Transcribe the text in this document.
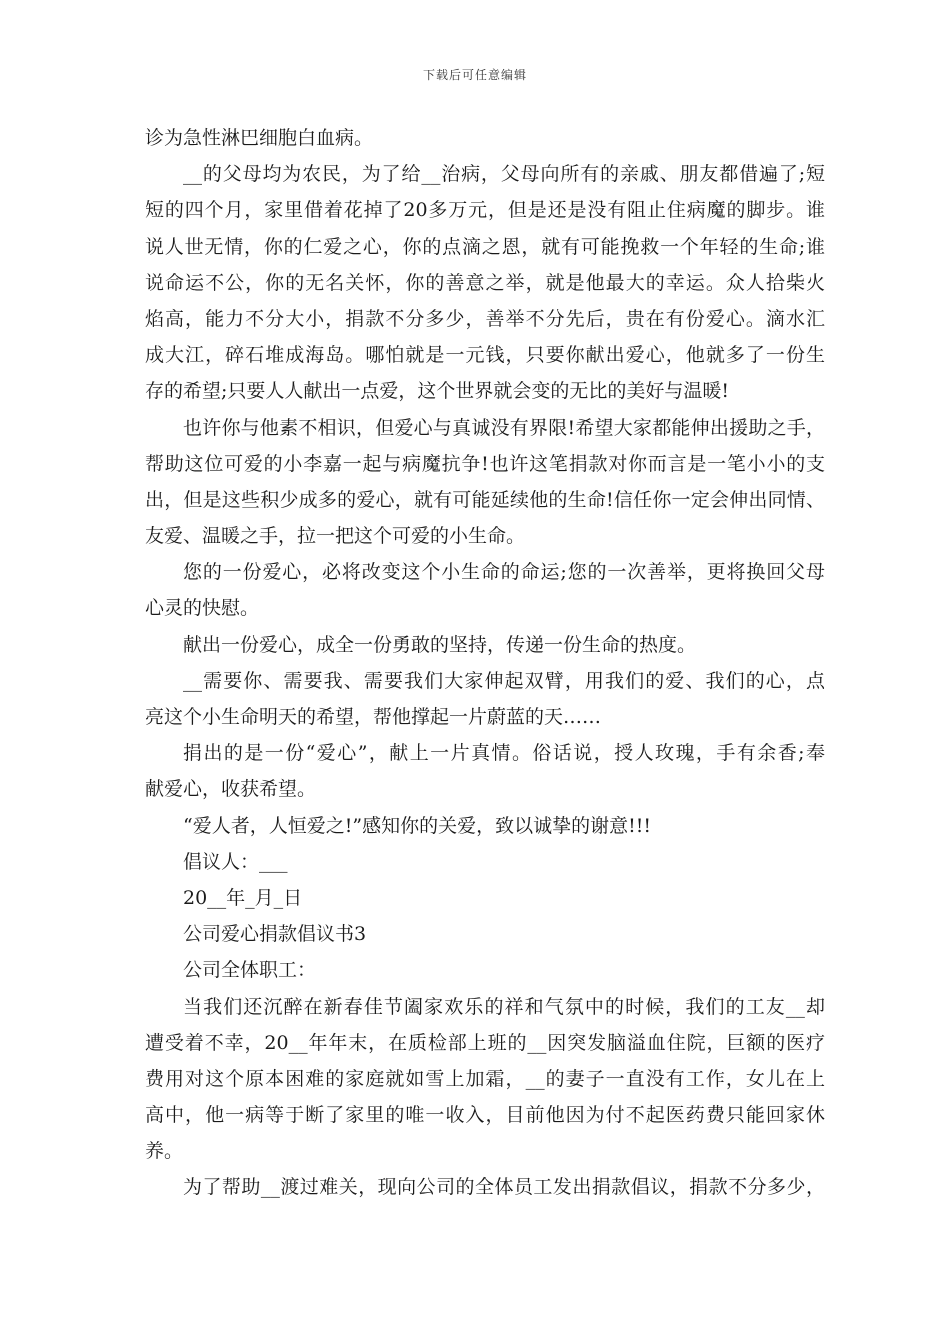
下载后可任意编辑
诊为急性淋巴细胞白血病。
__的父母均为农民，为了给__治病，父母向所有的亲戚、朋友都借遍了;短
短的四个月，家里借着花掉了20多万元，但是还是没有阻止住病魔的脚步。谁
说人世无情，你的仁爱之心，你的点滴之恩，就有可能挽救一个年轻的生命;谁
说命运不公，你的无名关怀，你的善意之举，就是他最大的幸运。众人拾柴火
焰高，能力不分大小，捐款不分多少，善举不分先后，贵在有份爱心。滴水汇
成大江，碎石堆成海岛。哪怕就是一元钱，只要你献出爱心，他就多了一份生
存的希望;只要人人献出一点爱，这个世界就会变的无比的美好与温暖!
也许你与他素不相识，但爱心与真诚没有界限!希望大家都能伸出援助之手，
帮助这位可爱的小李嘉一起与病魔抗争!也许这笔捐款对你而言是一笔小小的支
出，但是这些积少成多的爱心，就有可能延续他的生命!信任你一定会伸出同情、
友爱、温暖之手，拉一把这个可爱的小生命。
您的一份爱心，必将改变这个小生命的命运;您的一次善举，更将换回父母
心灵的快慰。
献出一份爱心，成全一份勇敢的坚持，传递一份生命的热度。
__需要你、需要我、需要我们大家伸起双臂，用我们的爱、我们的心，点
亮这个小生命明天的希望，帮他撑起一片蔚蓝的天……
捐出的是一份“爱心”，献上一片真情。俗话说，授人玫瑰，手有余香;奉
献爱心，收获希望。
“爱人者，人恒爱之!”感知你的关爱，致以诚挚的谢意!!!
倡议人：___
20__年_月_日
公司爱心捐款倡议书3
公司全体职工：
当我们还沉醉在新春佳节阖家欢乐的祥和气氛中的时候，我们的工友__却
遭受着不幸，20__年年末，在质检部上班的__因突发脑溢血住院，巨额的医疗
费用对这个原本困难的家庭就如雪上加霜，__的妻子一直没有工作，女儿在上
高中，他一病等于断了家里的唯一收入，目前他因为付不起医药费只能回家休
养。
为了帮助__渡过难关，现向公司的全体员工发出捐款倡议，捐款不分多少，
